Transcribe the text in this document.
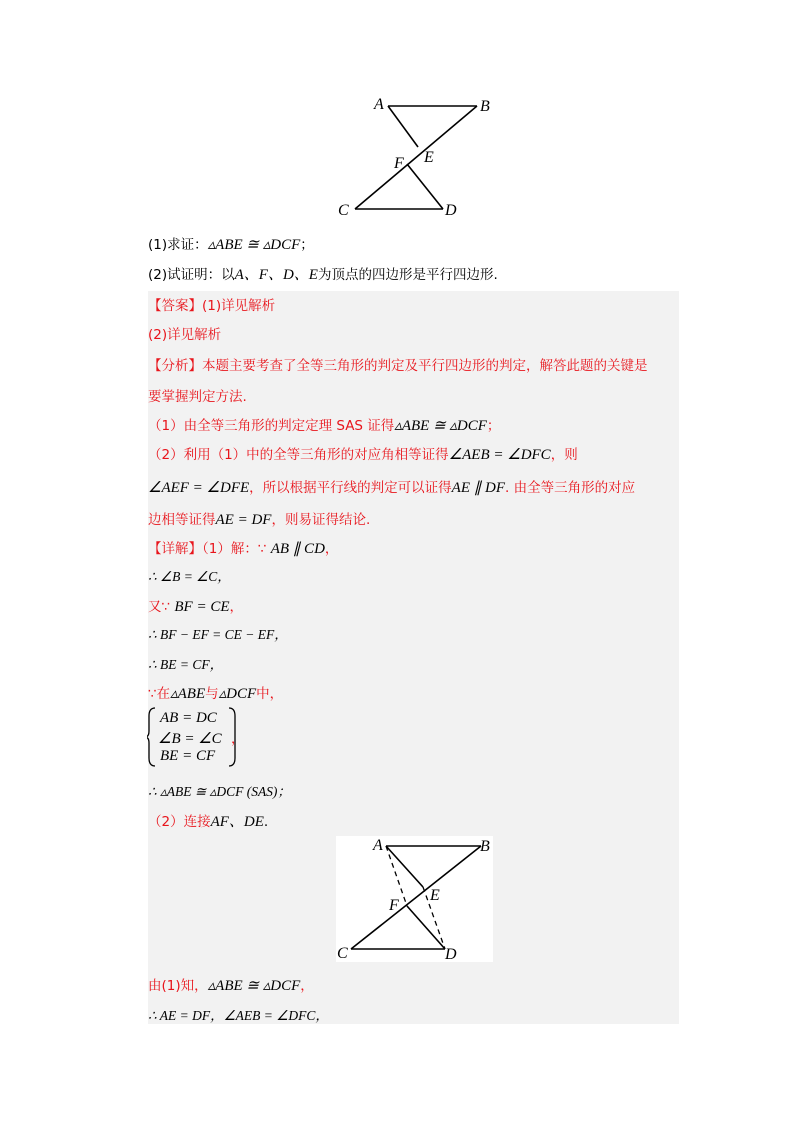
A	B
E
F
C	D
(1)求证：▵ABE ≅ ▵DCF；
(2)试证明：以A、F、D、E为顶点的四边形是平行四边形.
【答案】(1)详见解析
(2)详见解析
【分析】本题主要考查了全等三角形的判定及平行四边形的判定，解答此题的关键是
要掌握判定方法.
（1）由全等三角形的判定定理 SAS 证得▵ABE ≅ ▵DCF；
（2）利用（1）中的全等三角形的对应角相等证得∠AEB = ∠DFC，则
∠AEF = ∠DFE，所以根据平行线的判定可以证得AE ∥ DF. 由全等三角形的对应
边相等证得AE = DF，则易证得结论.
【详解】（1）解：∵ AB ∥ CD，
∴ ∠B = ∠C，
又∵ BF = CE，
∴ BF − EF = CE − EF，
∴ BE = CF，
∵在▵ABE与▵DCF中，
AB = DC
∠B = ∠C
BE = CF
，
∴ ▵ABE ≅ ▵DCF (SAS)；
（2）连接AF、DE.
A	B
E
F
C	D
由(1)知，▵ABE ≅ ▵DCF，
∴ AE = DF，∠AEB = ∠DFC，
